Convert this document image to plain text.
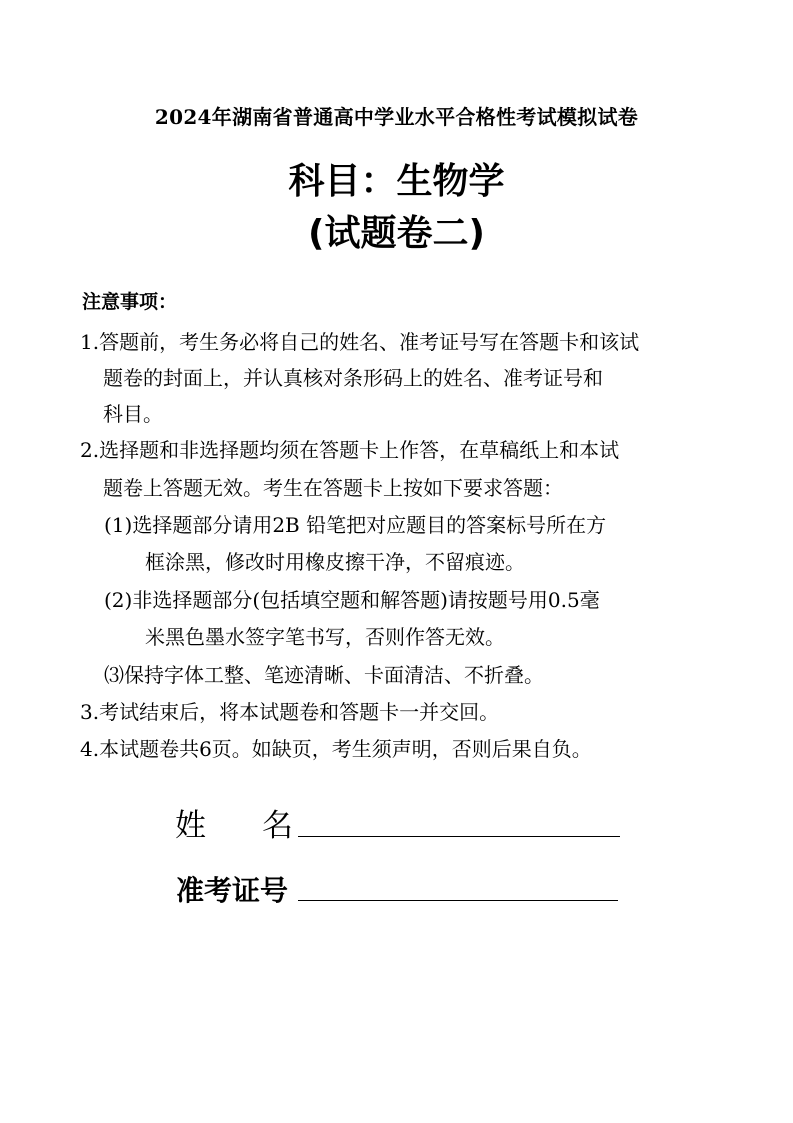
2024年湖南省普通高中学业水平合格性考试模拟试卷
科目：生物学
(试题卷二)
注意事项：
1.答题前，考生务必将自己的姓名、准考证号写在答题卡和该试
题卷的封面上，并认真核对条形码上的姓名、准考证号和
科目。
2.选择题和非选择题均须在答题卡上作答，在草稿纸上和本试
题卷上答题无效。考生在答题卡上按如下要求答题：
(1)选择题部分请用2B 铅笔把对应题目的答案标号所在方
框涂黑，修改时用橡皮擦干净，不留痕迹。
(2)非选择题部分(包括填空题和解答题)请按题号用0.5毫
米黑色墨水签字笔书写，否则作答无效。
⑶保持字体工整、笔迹清晰、卡面清洁、不折叠。
3.考试结束后，将本试题卷和答题卡一并交回。
4.本试题卷共6页。如缺页，考生须声明，否则后果自负。
姓 名
准考证号
